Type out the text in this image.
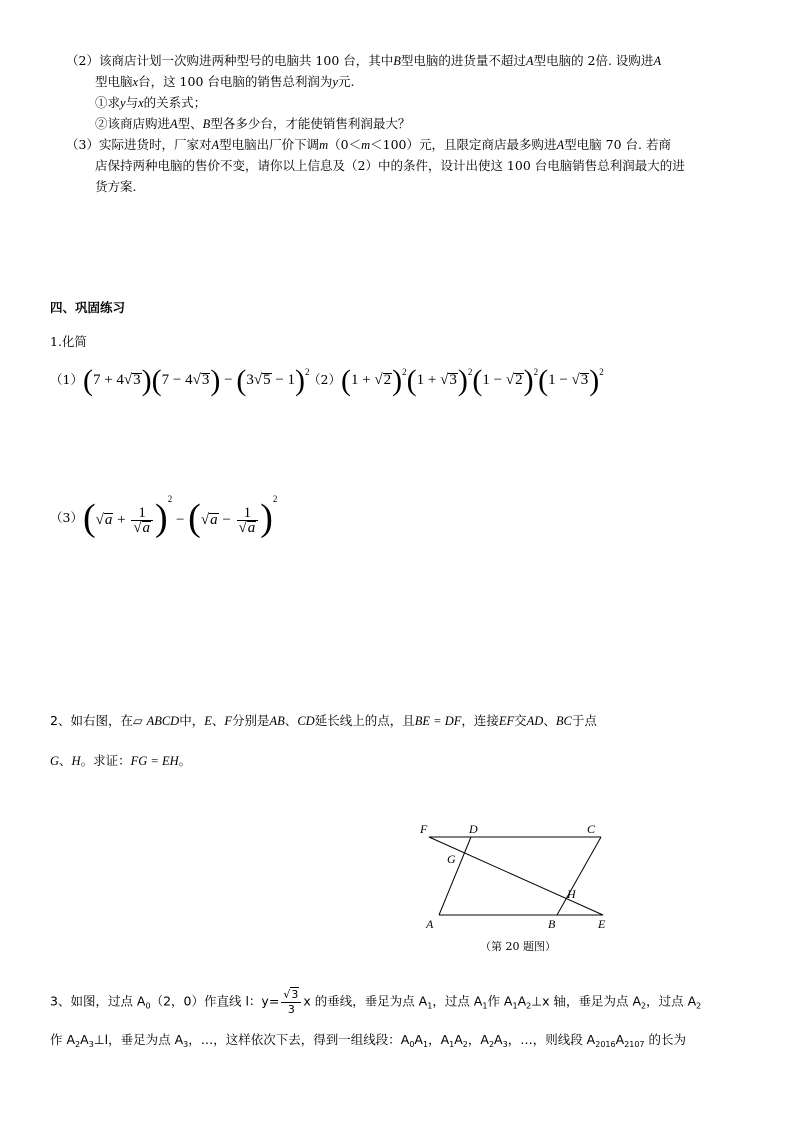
（2）该商店计划一次购进两种型号的电脑共 100 台，其中B型电脑的进货量不超过A型电脑的 2倍. 设购进A
型电脑x台，这 100 台电脑的销售总利润为y元.
①求y与x的关系式；
②该商店购进A型、B型各多少台，才能使销售利润最大？
（3）实际进货时，厂家对A型电脑出厂价下调m（0＜m＜100）元，且限定商店最多购进A型电脑 70 台. 若商
店保持两种电脑的售价不变，请你以上信息及（2）中的条件，设计出使这 100 台电脑销售总利润最大的进
货方案.
四、巩固练习
1.化简
$(1)(7 + 4√3)(7 - 4√3) - (3√5 - 1)^2$
$(2)(1 + √2)^2(1 + √3)^2(1 - √2)^2(1 - √3)^2$
$(3)(√a + \frac{1}{√a} )^2 - (√a - \frac{1}{√a} )^2$
2、如右图，在▱ ABCD中，E、F分别是AB、CD延长线上的点，且BE = DF，连接EF交AD、BC于点
G、H。求证：FG = EH。
F	D	C
G
H
A	B	E
（第 20 题图）
3、如图，过点 $A_0(2$，0）作直线 l：$y= \frac{√3}{3}$ x 的垂线，垂足为点 $A_1$，过点 $A_1$作 $A_1A_2\perp x$ 轴，垂足为点 $A_2$，过点 $A_2$
作 $A_2A_3\perp l$，垂足为点 $A_3$，…，这样依次下去，得到一组线段：$A_0A_1$，$A_1A_2$，$A_2A_3$，…，则线段 $A_{2016}A_{2107}$ 的长为
